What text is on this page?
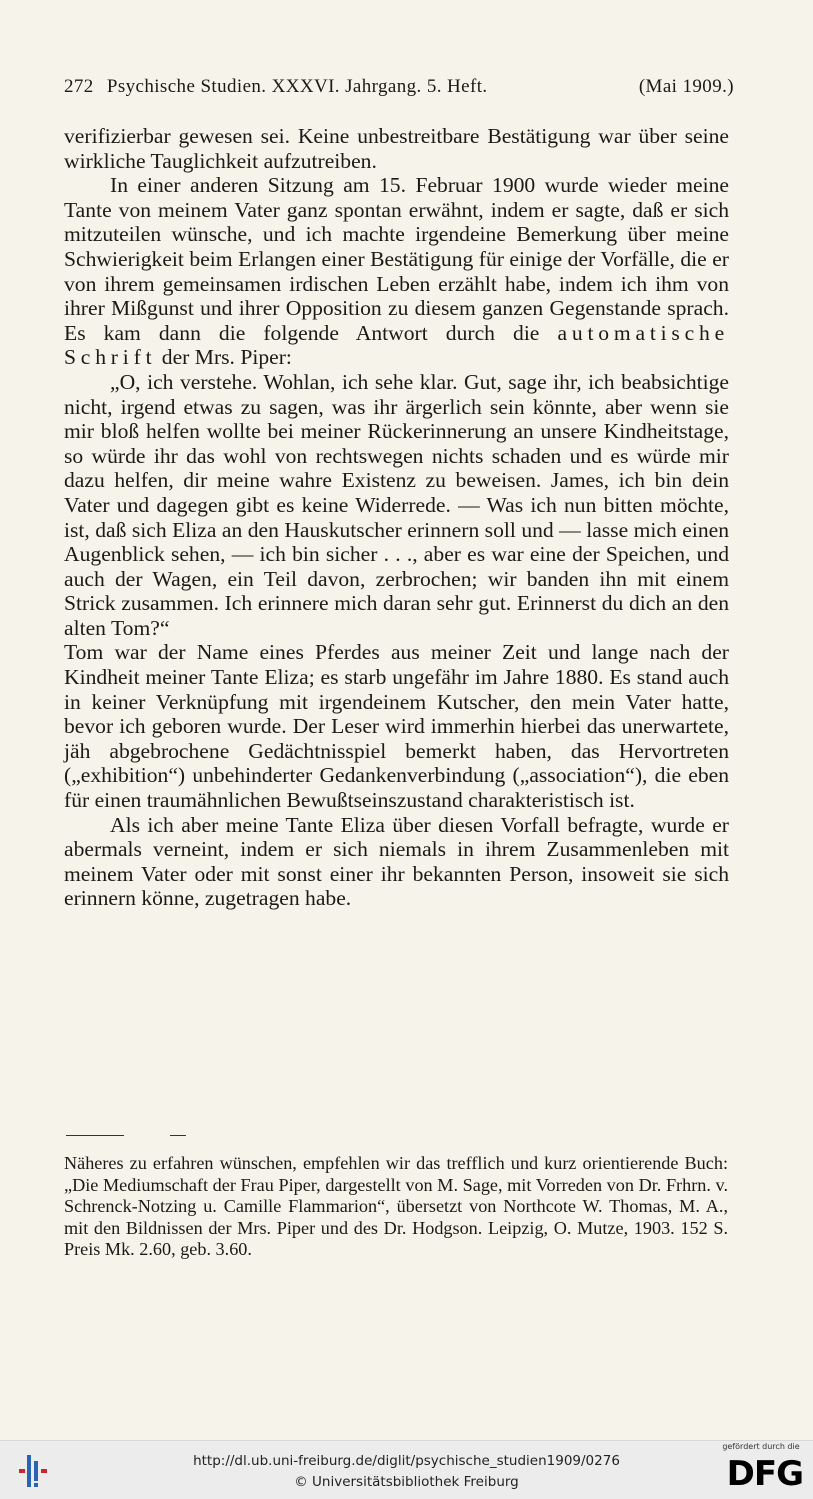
272 Psychische Studien. XXXVI. Jahrgang. 5. Heft.	(Mai 1909.)

verifizierbar gewesen sei. Keine unbestreitbare Bestätigung war über seine wirkliche Tauglichkeit aufzutreiben.

In einer anderen Sitzung am 15. Februar 1900 wurde wieder meine Tante von meinem Vater ganz spontan erwähnt, indem er sagte, daß er sich mitzuteilen wünsche, und ich machte irgendeine Bemerkung über meine Schwierigkeit beim Erlangen einer Bestätigung für einige der Vorfälle, die er von ihrem gemeinsamen irdischen Leben erzählt habe, indem ich ihm von ihrer Mißgunst und ihrer Opposition zu diesem ganzen Gegenstande sprach. Es kam dann die folgende Antwort durch die automatische Schrift der Mrs. Piper:

„O, ich verstehe. Wohlan, ich sehe klar. Gut, sage ihr, ich beabsichtige nicht, irgend etwas zu sagen, was ihr ärgerlich sein könnte, aber wenn sie mir bloß helfen wollte bei meiner Rückerinnerung an unsere Kindheitstage, so würde ihr das wohl von rechtswegen nichts schaden und es würde mir dazu helfen, dir meine wahre Existenz zu beweisen. James, ich bin dein Vater und dagegen gibt es keine Widerrede. — Was ich nun bitten möchte, ist, daß sich Eliza an den Hauskutscher erinnern soll und — lasse mich einen Augenblick sehen, — ich bin sicher . . ., aber es war eine der Speichen, und auch der Wagen, ein Teil davon, zerbrochen; wir banden ihn mit einem Strick zusammen. Ich erinnere mich daran sehr gut. Erinnerst du dich an den alten Tom?“

Tom war der Name eines Pferdes aus meiner Zeit und lange nach der Kindheit meiner Tante Eliza; es starb ungefähr im Jahre 1880. Es stand auch in keiner Verknüpfung mit irgendeinem Kutscher, den mein Vater hatte, bevor ich geboren wurde. Der Leser wird immerhin hierbei das unerwartete, jäh abgebrochene Gedächtnisspiel bemerkt haben, das Hervortreten („exhibition“) unbehinderter Gedankenverbindung („association“), die eben für einen traumähnlichen Bewußtseinszustand charakteristisch ist.

Als ich aber meine Tante Eliza über diesen Vorfall befragte, wurde er abermals verneint, indem er sich niemals in ihrem Zusammenleben mit meinem Vater oder mit sonst einer ihr bekannten Person, insoweit sie sich erinnern könne, zugetragen habe.

Näheres zu erfahren wünschen, empfehlen wir das trefflich und kurz orientierende Buch: „Die Mediumschaft der Frau Piper, dargestellt von M. Sage, mit Vorreden von Dr. Frhrn. v. Schrenck-Notzing u. Camille Flammarion“, übersetzt von Northcote W. Thomas, M. A., mit den Bildnissen der Mrs. Piper und des Dr. Hodgson. Leipzig, O. Mutze, 1903. 152 S. Preis Mk. 2.60, geb. 3.60.
http://dl.ub.uni-freiburg.de/diglit/psychische_studien1909/0276
© Universitätsbibliothek Freiburg
gefördert durch die
DFG
